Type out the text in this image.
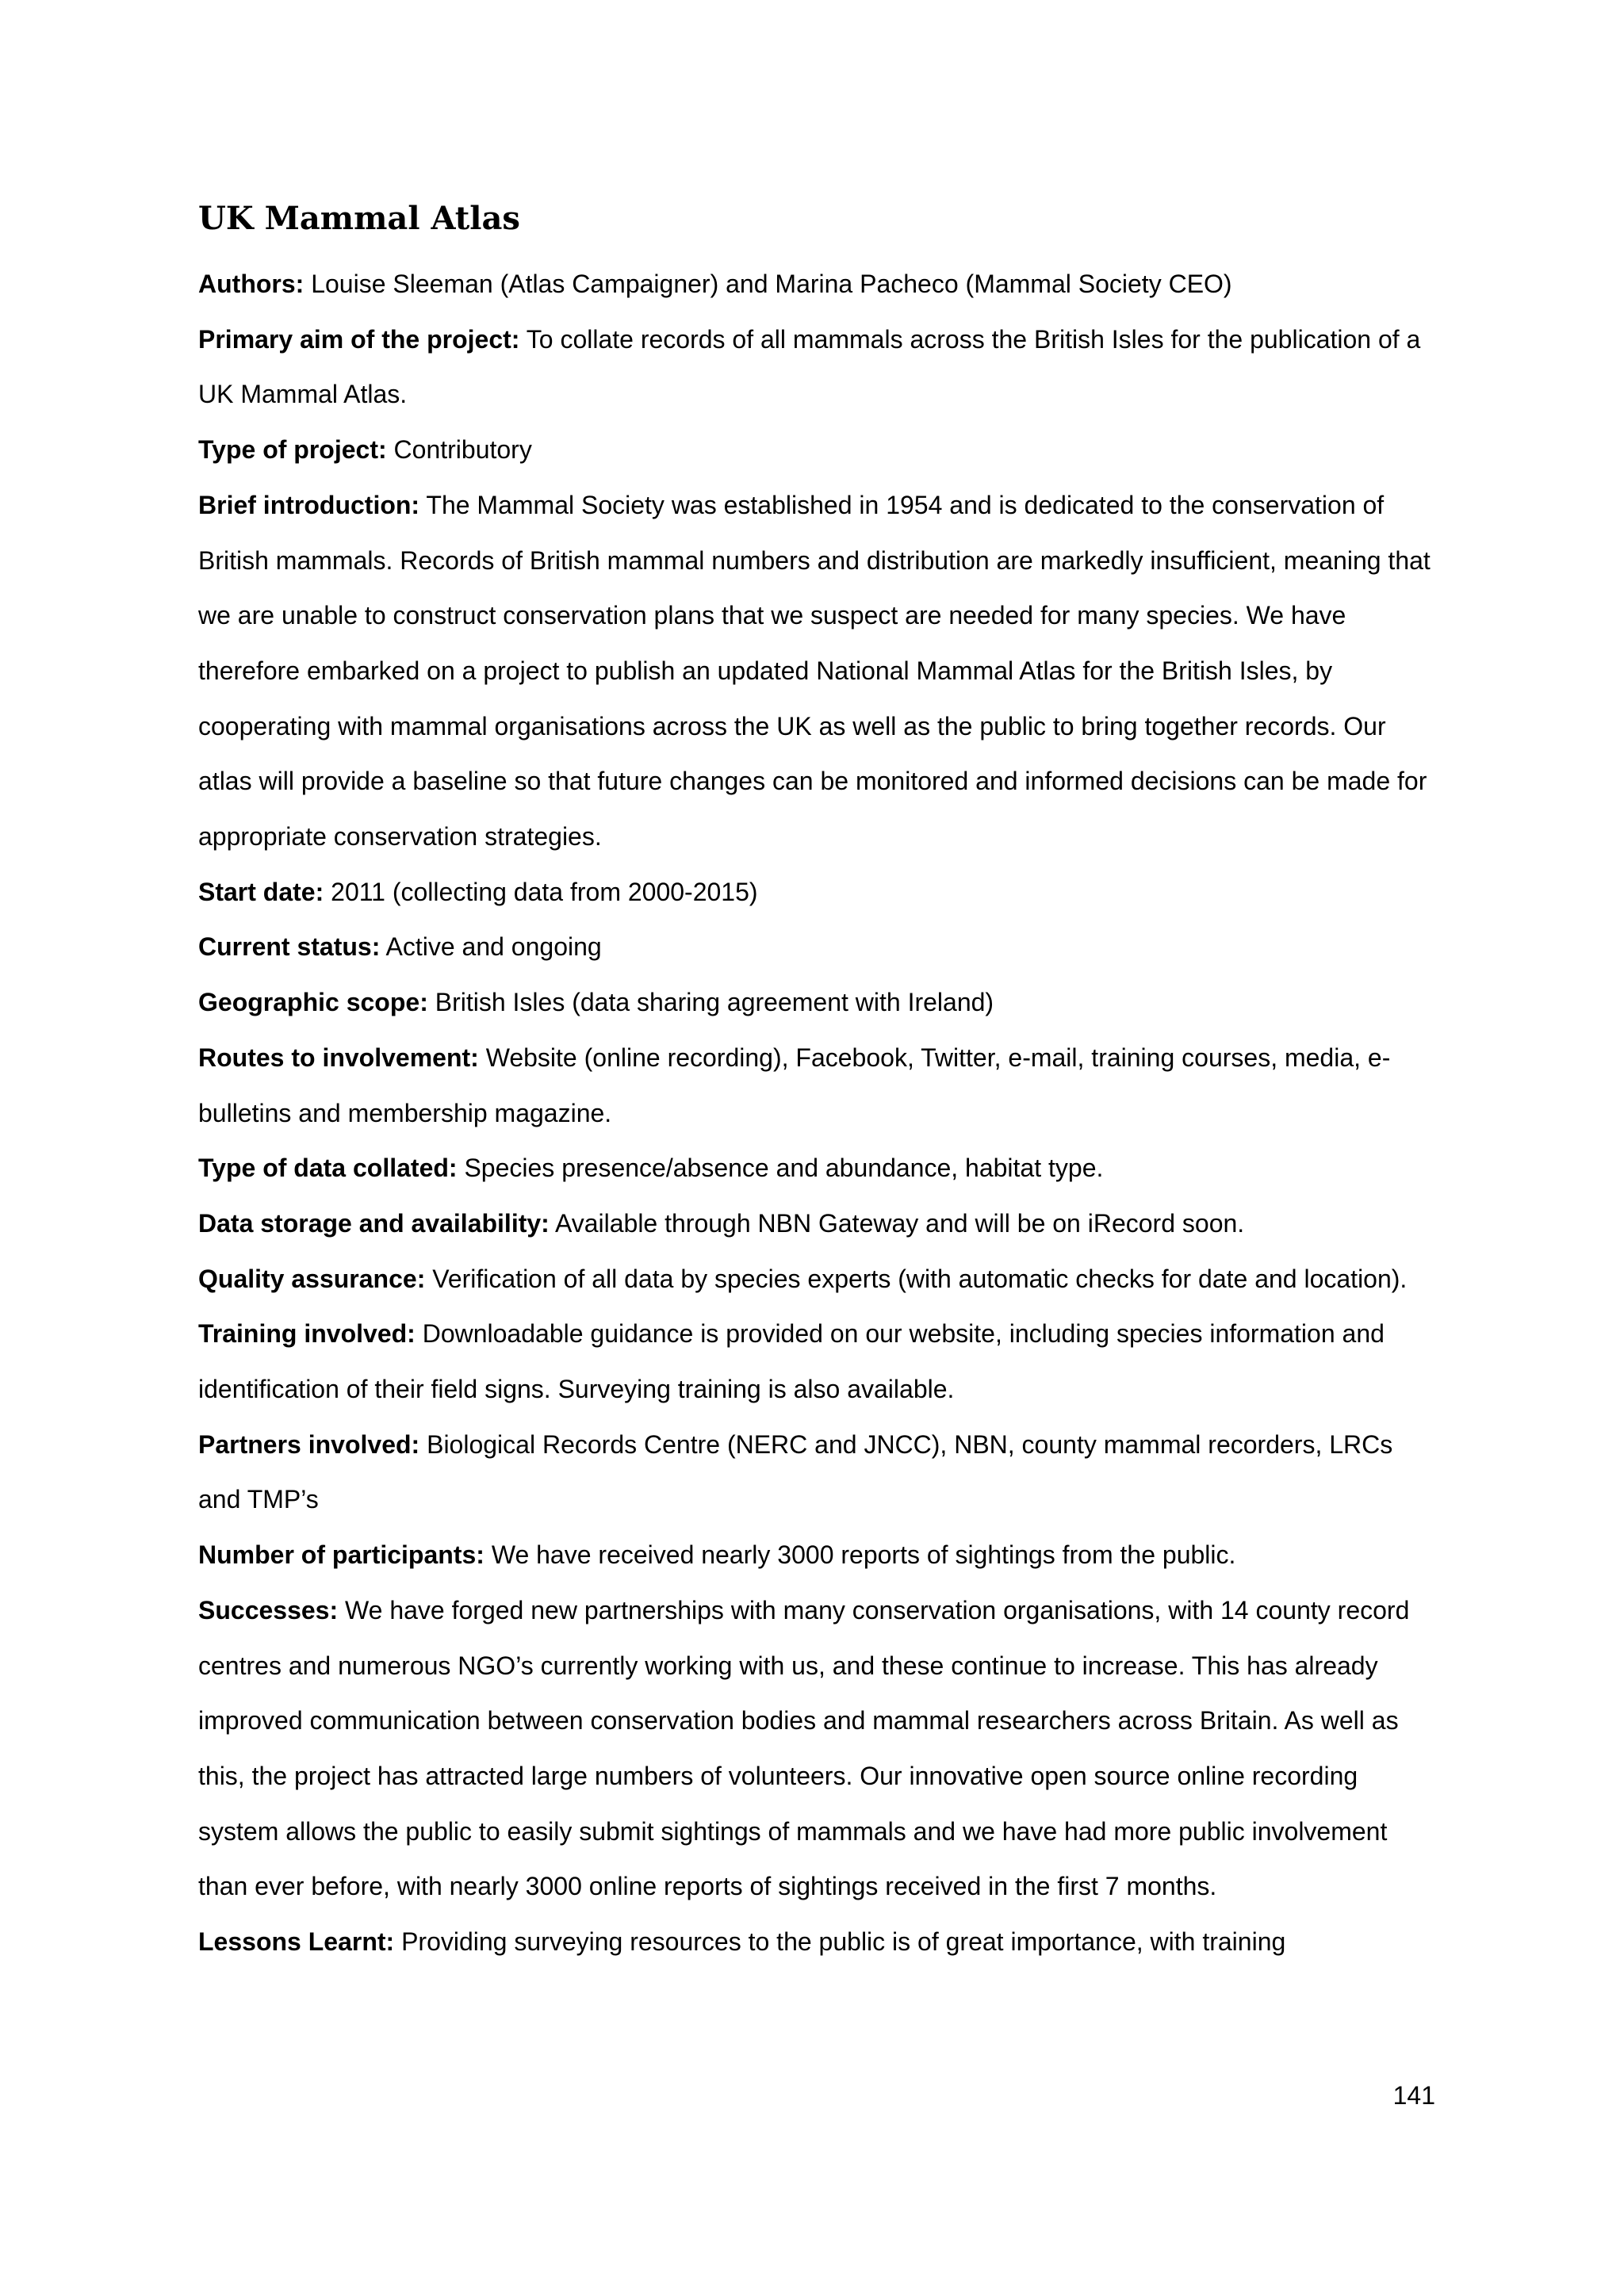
UK Mammal Atlas

Authors: Louise Sleeman (Atlas Campaigner) and Marina Pacheco (Mammal Society CEO)

Primary aim of the project: To collate records of all mammals across the British Isles for the publication of a UK Mammal Atlas.

Type of project: Contributory

Brief introduction: The Mammal Society was established in 1954 and is dedicated to the conservation of British mammals. Records of British mammal numbers and distribution are markedly insufficient, meaning that we are unable to construct conservation plans that we suspect are needed for many species. We have therefore embarked on a project to publish an updated National Mammal Atlas for the British Isles, by cooperating with mammal organisations across the UK as well as the public to bring together records. Our atlas will provide a baseline so that future changes can be monitored and informed decisions can be made for appropriate conservation strategies.

Start date: 2011 (collecting data from 2000-2015)

Current status: Active and ongoing

Geographic scope: British Isles (data sharing agreement with Ireland)

Routes to involvement: Website (online recording), Facebook, Twitter, e-mail, training courses, media, e-bulletins and membership magazine.

Type of data collated: Species presence/absence and abundance, habitat type.

Data storage and availability: Available through NBN Gateway and will be on iRecord soon.

Quality assurance: Verification of all data by species experts (with automatic checks for date and location).

Training involved: Downloadable guidance is provided on our website, including species information and identification of their field signs. Surveying training is also available.

Partners involved: Biological Records Centre (NERC and JNCC), NBN, county mammal recorders, LRCs and TMP’s

Number of participants: We have received nearly 3000 reports of sightings from the public.

Successes: We have forged new partnerships with many conservation organisations, with 14 county record centres and numerous NGO’s currently working with us, and these continue to increase. This has already improved communication between conservation bodies and mammal researchers across Britain. As well as this, the project has attracted large numbers of volunteers. Our innovative open source online recording system allows the public to easily submit sightings of mammals and we have had more public involvement than ever before, with nearly 3000 online reports of sightings received in the first 7 months.

Lessons Learnt: Providing surveying resources to the public is of great importance, with training

141
